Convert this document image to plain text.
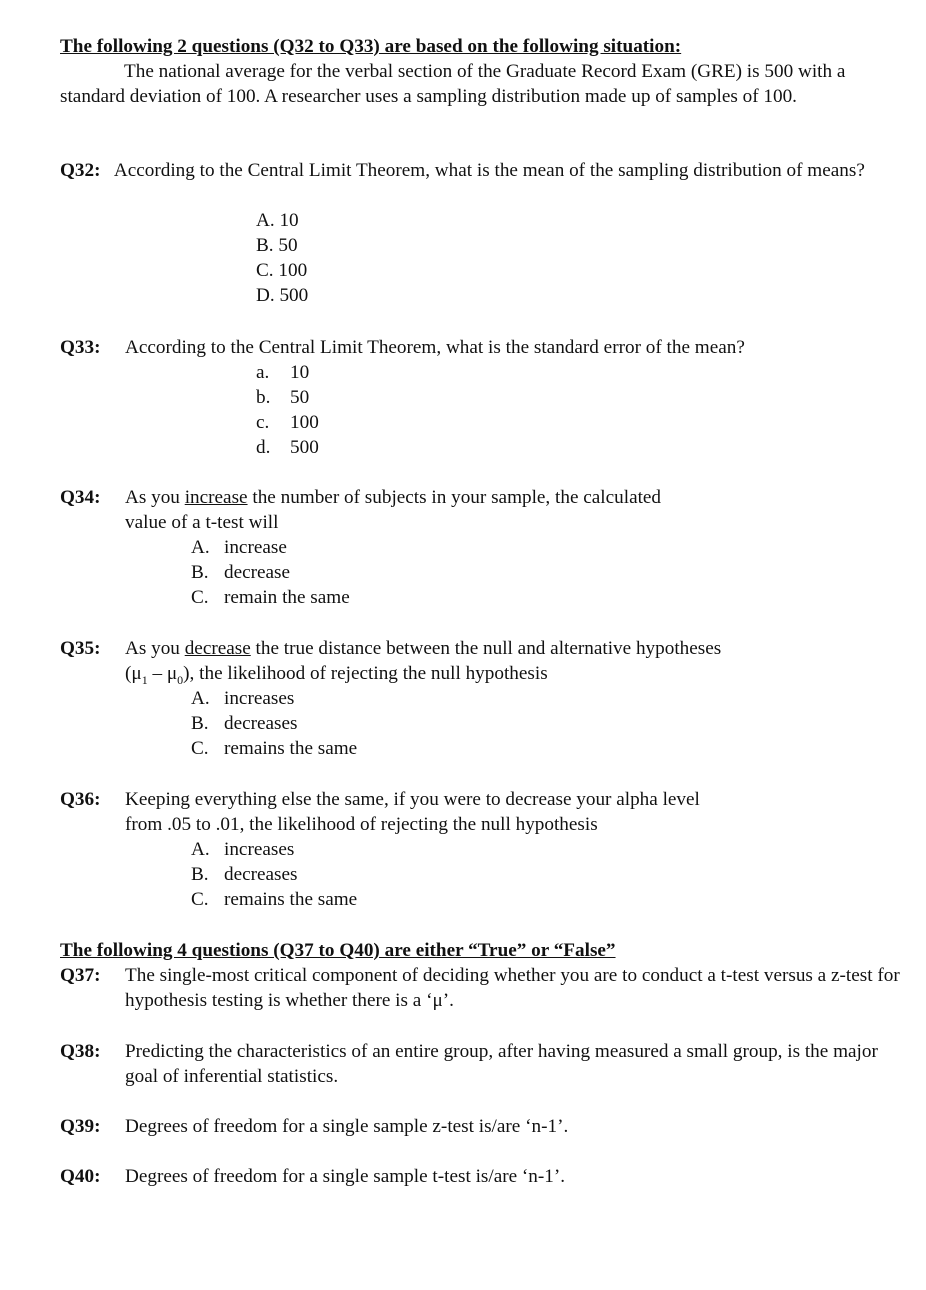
The following 2 questions (Q32 to Q33) are based on the following situation:
The national average for the verbal section of the Graduate Record Exam (GRE) is 500 with a standard deviation of 100. A researcher uses a sampling distribution made up of samples of 100.
Q32: According to the Central Limit Theorem, what is the mean of the sampling distribution of means?
A. 10
B. 50
C. 100
D. 500
Q33:	According to the Central Limit Theorem, what is the standard error of the mean?
a.	10
b.	50
c.	100
d.	500
Q34:	As you increase the number of subjects in your sample, the calculated
value of a t-test will
A. increase
B. decrease
C. remain the same
Q35:	As you decrease the true distance between the null and alternative hypotheses
$(\mu_1 - \mu_0)$, the likelihood of rejecting the null hypothesis
A. increases
B. decreases
C. remains the same
Q36:	Keeping everything else the same, if you were to decrease your alpha level
from .05 to .01, the likelihood of rejecting the null hypothesis
A. increases
B. decreases
C. remains the same
The following 4 questions (Q37 to Q40) are either “True” or “False”
Q37:	The single-most critical component of deciding whether you are to conduct a t-test versus a z-test for hypothesis testing is whether there is a ‘μ’.
Q38:	Predicting the characteristics of an entire group, after having measured a small group, is the major goal of inferential statistics.
Q39:	Degrees of freedom for a single sample z-test is/are ‘n-1’.
Q40:	Degrees of freedom for a single sample t-test is/are ‘n-1’.
